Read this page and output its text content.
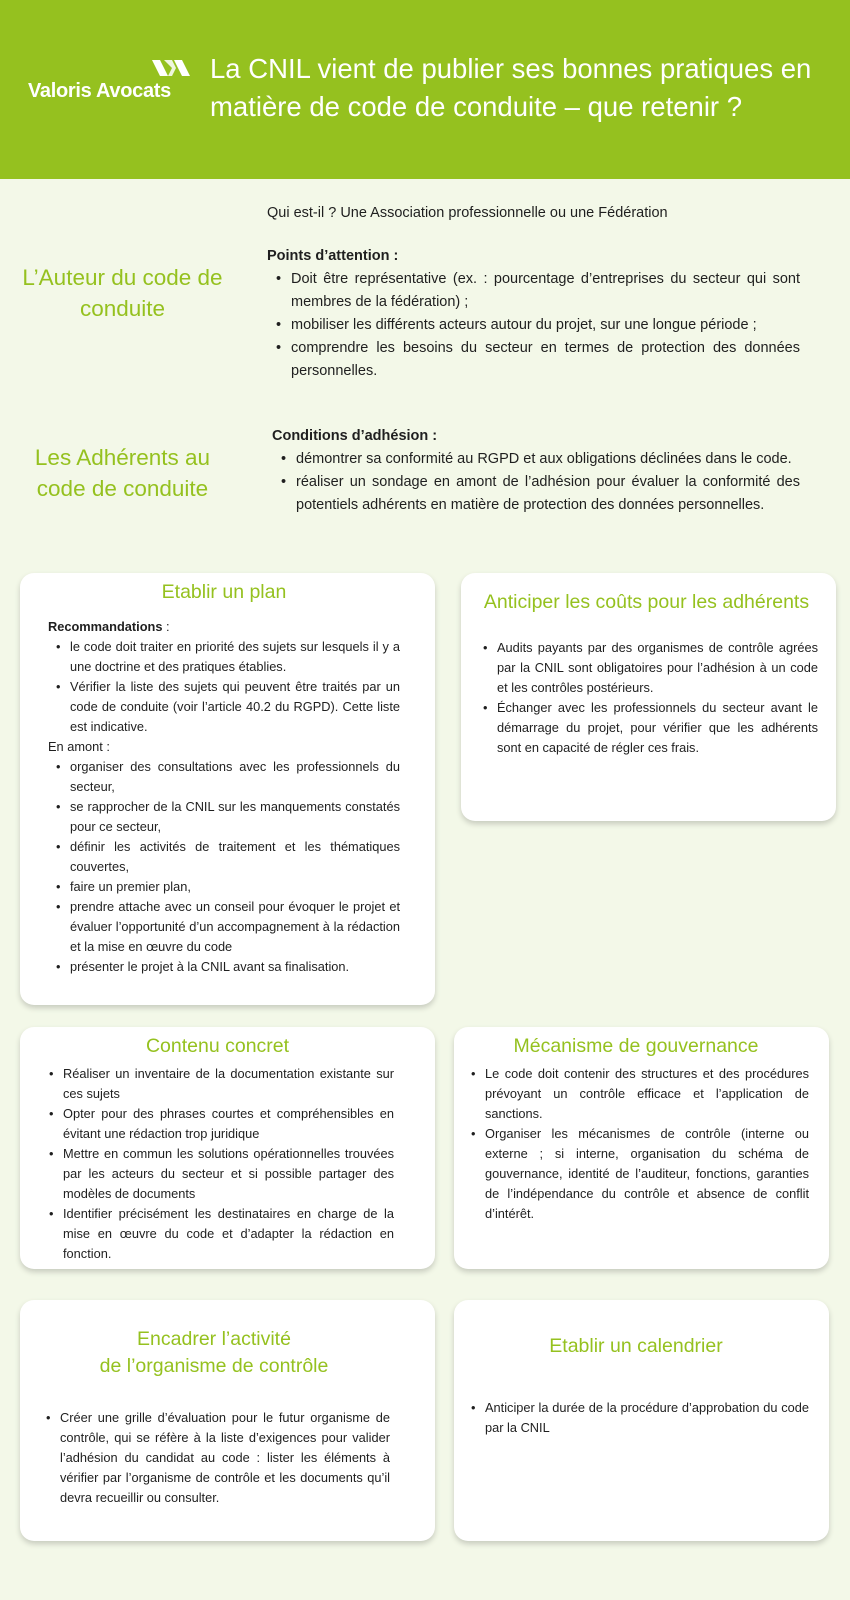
Valoris Avocats
La CNIL vient de publier ses bonnes pratiques en matière de code de conduite – que retenir ?
L’Auteur du code de conduite

Qui est-il ? Une Association professionnelle ou une Fédération

Points d’attention :

• Doit être représentative (ex. : pourcentage d’entreprises du secteur qui sont membres de la fédération) ;
• mobiliser les différents acteurs autour du projet, sur une longue période ;
• comprendre les besoins du secteur en termes de protection des données personnelles.
Les Adhérents au code de conduite

Conditions d’adhésion :

• démontrer sa conformité au RGPD et aux obligations déclinées dans le code.
• réaliser un sondage en amont de l’adhésion pour évaluer la conformité des potentiels adhérents en matière de protection des données personnelles.
Etablir un plan

Recommandations :

• le code doit traiter en priorité des sujets sur lesquels il y a une doctrine et des pratiques établies.
• Vérifier la liste des sujets qui peuvent être traités par un code de conduite (voir l’article 40.2 du RGPD). Cette liste est indicative.

En amont :

• organiser des consultations avec les professionnels du secteur,
• se rapprocher de la CNIL sur les manquements constatés pour ce secteur,
• définir les activités de traitement et les thématiques couvertes,
• faire un premier plan,
• prendre attache avec un conseil pour évoquer le projet et évaluer l’opportunité d’un accompagnement à la rédaction et la mise en œuvre du code
• présenter le projet à la CNIL avant sa finalisation.
Anticiper les coûts pour les adhérents
• Audits payants par des organismes de contrôle agrées par la CNIL sont obligatoires pour l’adhésion à un code et les contrôles postérieurs.
• Échanger avec les professionnels du secteur avant le démarrage du projet, pour vérifier que les adhérents sont en capacité de régler ces frais.
Contenu concret
• Réaliser un inventaire de la documentation existante sur ces sujets
• Opter pour des phrases courtes et compréhensibles en évitant une rédaction trop juridique
• Mettre en commun les solutions opérationnelles trouvées par les acteurs du secteur et si possible partager des modèles de documents
• Identifier précisément les destinataires en charge de la mise en œuvre du code et d’adapter la rédaction en fonction.
Mécanisme de gouvernance
• Le code doit contenir des structures et des procédures prévoyant un contrôle efficace et l’application de sanctions.
• Organiser les mécanismes de contrôle (interne ou externe ; si interne, organisation du schéma de gouvernance, identité de l’auditeur, fonctions, garanties de l’indépendance du contrôle et absence de conflit d’intérêt.
Encadrer l’activité
de l’organisme de contrôle
• Créer une grille d’évaluation pour le futur organisme de contrôle, qui se réfère à la liste d’exigences pour valider l’adhésion du candidat au code : lister les éléments à vérifier par l’organisme de contrôle et les documents qu’il devra recueillir ou consulter.
Etablir un calendrier
• Anticiper la durée de la procédure d’approbation du code par la CNIL
